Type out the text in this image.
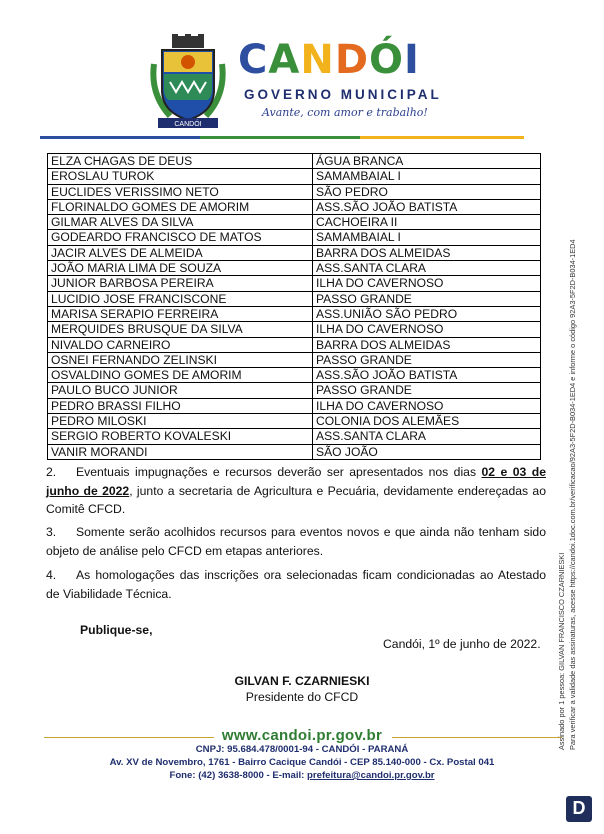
CANDÓI
CANDÓI
GOVERNO MUNICIPAL
Avante, com amor e trabalho!
ELZA CHAGAS DE DEUS	ÁGUA BRANCA
EROSLAU TUROK	SAMAMBAIAL I
EUCLIDES VERISSIMO NETO	SÃO PEDRO
FLORINALDO GOMES DE AMORIM	ASS.SÃO JOÃO BATISTA
GILMAR ALVES DA SILVA	CACHOEIRA II
GODEARDO FRANCISCO DE MATOS	SAMAMBAIAL I
JACIR ALVES DE ALMEIDA	BARRA DOS ALMEIDAS
JOÃO MARIA LIMA DE SOUZA	ASS.SANTA CLARA
JUNIOR BARBOSA PEREIRA	ILHA DO CAVERNOSO
LUCIDIO JOSE FRANCISCONE	PASSO GRANDE
MARISA SERAPIO FERREIRA	ASS.UNIÃO SÃO PEDRO
MERQUIDES BRUSQUE DA SILVA	ILHA DO CAVERNOSO
NIVALDO CARNEIRO	BARRA DOS ALMEIDAS
OSNEI FERNANDO ZELINSKI	PASSO GRANDE
OSVALDINO GOMES DE AMORIM	ASS.SÃO JOÃO BATISTA
PAULO BUCO JUNIOR	PASSO GRANDE
PEDRO BRASSI FILHO	ILHA DO CAVERNOSO
PEDRO MILOSKI	COLONIA DOS ALEMÃES
SERGIO ROBERTO KOVALESKI	ASS.SANTA CLARA
VANIR MORANDI	SÃO JOÃO
2. Eventuais impugnações e recursos deverão ser apresentados nos dias 02 e 03 de junho de 2022, junto a secretaria de Agricultura e Pecuária, devidamente endereçadas ao Comitê CFCD.
3. Somente serão acolhidos recursos para eventos novos e que ainda não tenham sido objeto de análise pelo CFCD em etapas anteriores.
4. As homologações das inscrições ora selecionadas ficam condicionadas ao Atestado de Viabilidade Técnica.
Publique-se,
Candói, 1º de junho de 2022.
GILVAN F. CZARNIESKI
Presidente do CFCD
www.candoi.pr.gov.br
CNPJ: 95.684.478/0001-94 - CANDÓI - PARANÁ
Av. XV de Novembro, 1761 - Bairro Cacique Candói - CEP 85.140-000 - Cx. Postal 041
Fone: (42) 3638-8000 - E-mail: prefeitura@candoi.pr.gov.br
Assinado por 1 pessoa: GILVAN FRANCISCO CZARNIESKI Para verificar a validade das assinaturas, acesse https://candoi.1doc.com.br/verificacao/92A3-5F2D-B034-1ED4 e informe o código 92A3-5F2D-B034-1ED4
D
